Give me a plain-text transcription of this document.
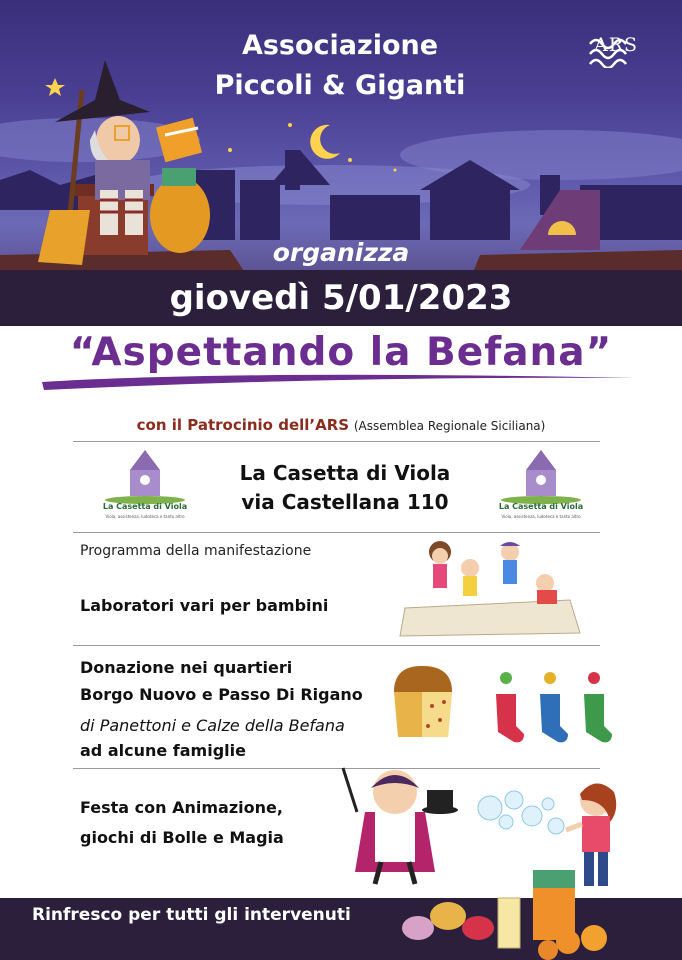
Associazione
Piccoli & Giganti
ARS
organizza
giovedì 5/01/2023
“Aspettando la Befana”
con il Patrocinio dell’ARS (Assemblea Regionale Siciliana)
La Casetta di Viola
Viola, assistenza, ludoteca e tanto altro
La Casetta di Viola
Viola, assistenza, ludoteca e tanto altro
La Casetta di Viola
via Castellana 110
Programma della manifestazione
Laboratori vari per bambini
Donazione nei quartieri
Borgo Nuovo e Passo Di Rigano
di Panettoni e Calze della Befana
ad alcune famiglie
Festa con Animazione,
giochi di Bolle e Magia
Rinfresco per tutti gli intervenuti
